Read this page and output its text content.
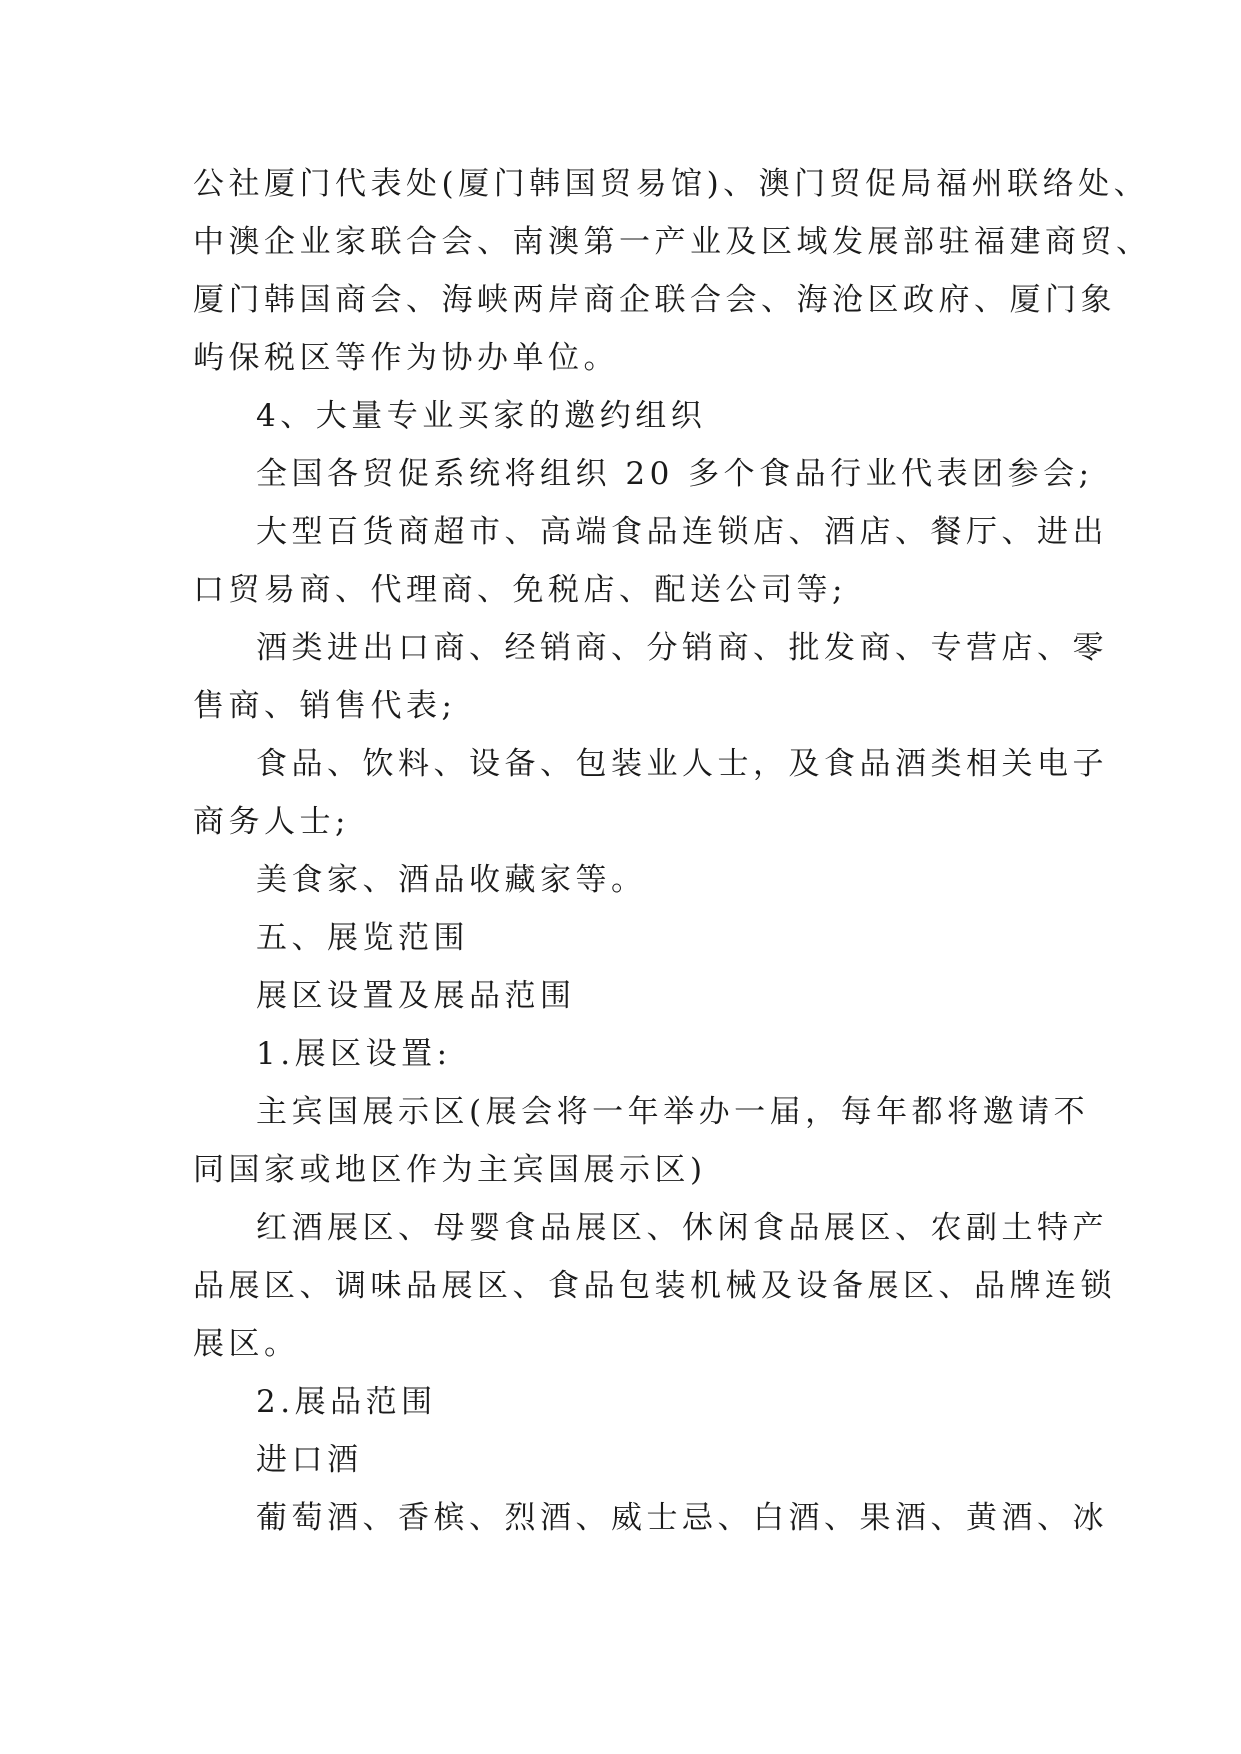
公社厦门代表处(厦门韩国贸易馆)、澳门贸促局福州联络处、
中澳企业家联合会、南澳第一产业及区域发展部驻福建商贸、
厦门韩国商会、海峡两岸商企联合会、海沧区政府、厦门象
屿保税区等作为协办单位。
4、大量专业买家的邀约组织
全国各贸促系统将组织 20 多个食品行业代表团参会;
大型百货商超市、高端食品连锁店、酒店、餐厅、进出
口贸易商、代理商、免税店、配送公司等;
酒类进出口商、经销商、分销商、批发商、专营店、零
售商、销售代表;
食品、饮料、设备、包装业人士，及食品酒类相关电子
商务人士;
美食家、酒品收藏家等。
五、展览范围
展区设置及展品范围
1.展区设置:
主宾国展示区(展会将一年举办一届，每年都将邀请不
同国家或地区作为主宾国展示区)
红酒展区、母婴食品展区、休闲食品展区、农副土特产
品展区、调味品展区、食品包装机械及设备展区、品牌连锁
展区。
2.展品范围
进口酒
葡萄酒、香槟、烈酒、威士忌、白酒、果酒、黄酒、冰
